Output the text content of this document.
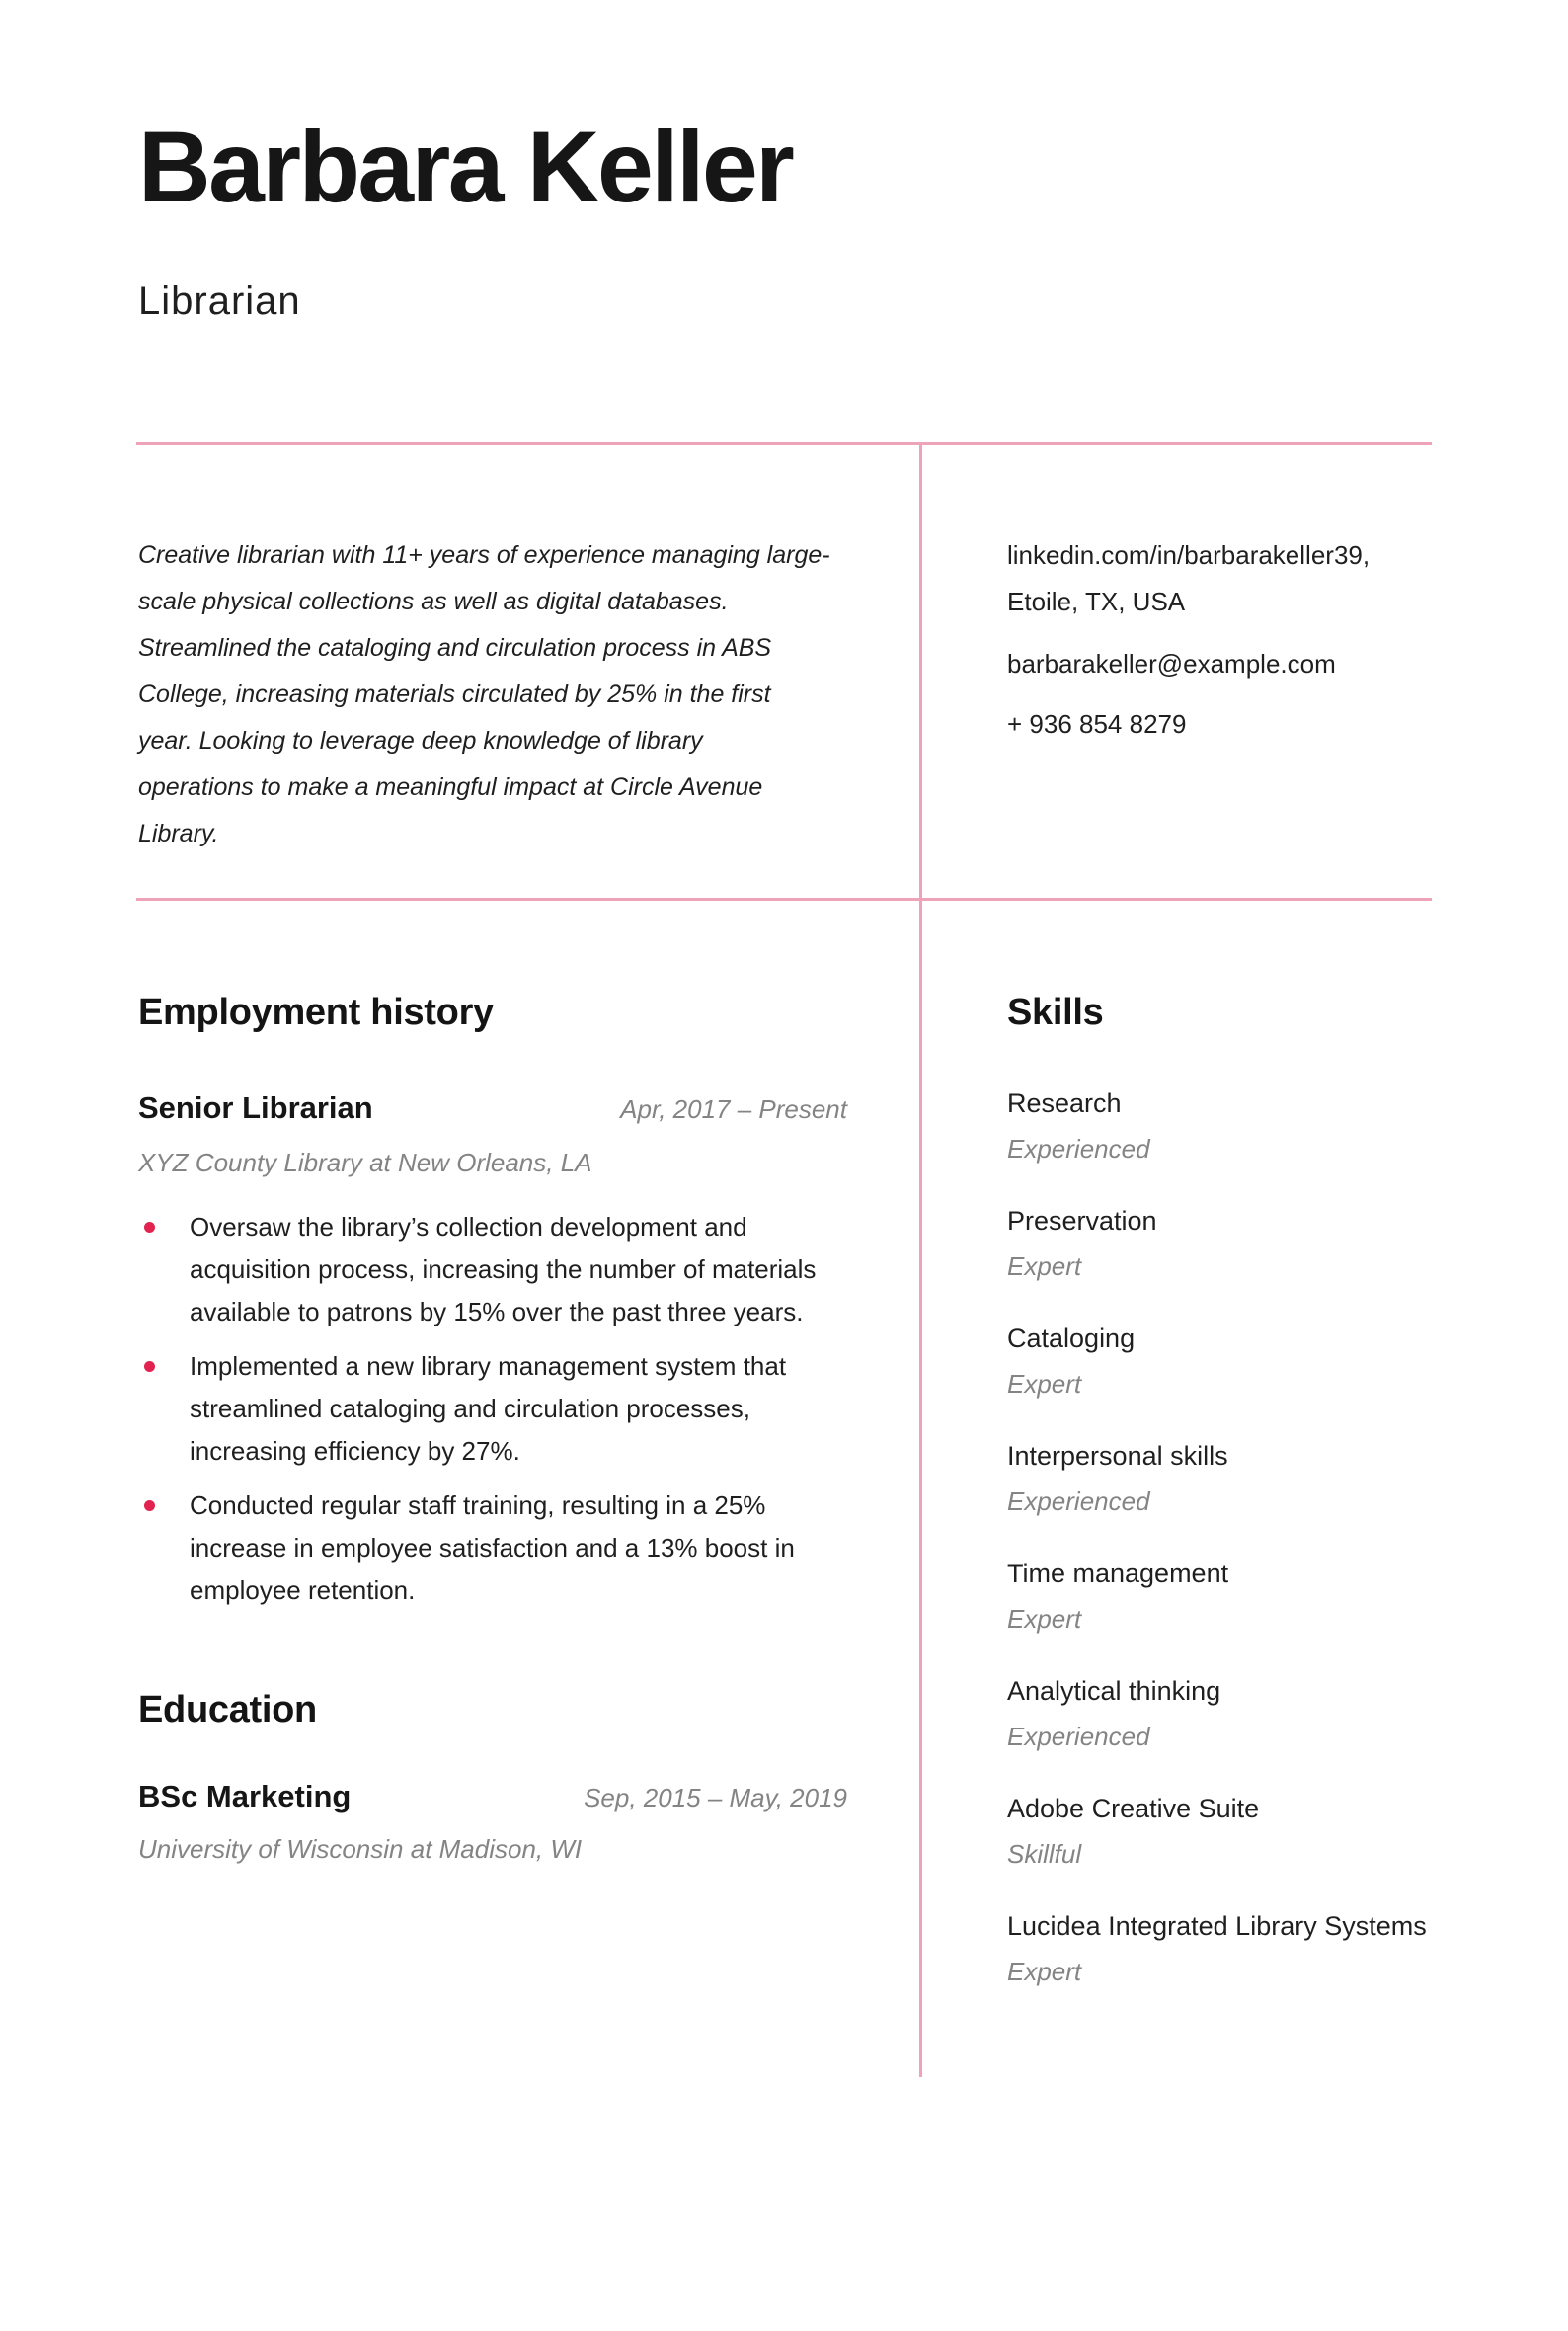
Barbara Keller
Librarian
Creative librarian with 11+ years of experience managing large-
scale physical collections as well as digital databases.
Streamlined the cataloging and circulation process in ABS
College, increasing materials circulated by 25% in the first
year. Looking to leverage deep knowledge of library
operations to make a meaningful impact at Circle Avenue
Library.
linkedin.com/in/barbarakeller39,
Etoile, TX, USA
barbarakeller@example.com
+ 936 854 8279
Employment history
Senior Librarian	Apr, 2017 – Present
XYZ County Library at New Orleans, LA
Oversaw the library’s collection development and acquisition process, increasing the number of materials available to patrons by 15% over the past three years.
Implemented a new library management system that streamlined cataloging and circulation processes, increasing efficiency by 27%.
Conducted regular staff training, resulting in a 25% increase in employee satisfaction and a 13% boost in employee retention.
Education
BSc Marketing	Sep, 2015 – May, 2019
University of Wisconsin at Madison, WI
Skills
Research
Experienced
Preservation
Expert
Cataloging
Expert
Interpersonal skills
Experienced
Time management
Expert
Analytical thinking
Experienced
Adobe Creative Suite
Skillful
Lucidea Integrated Library Systems
Expert
